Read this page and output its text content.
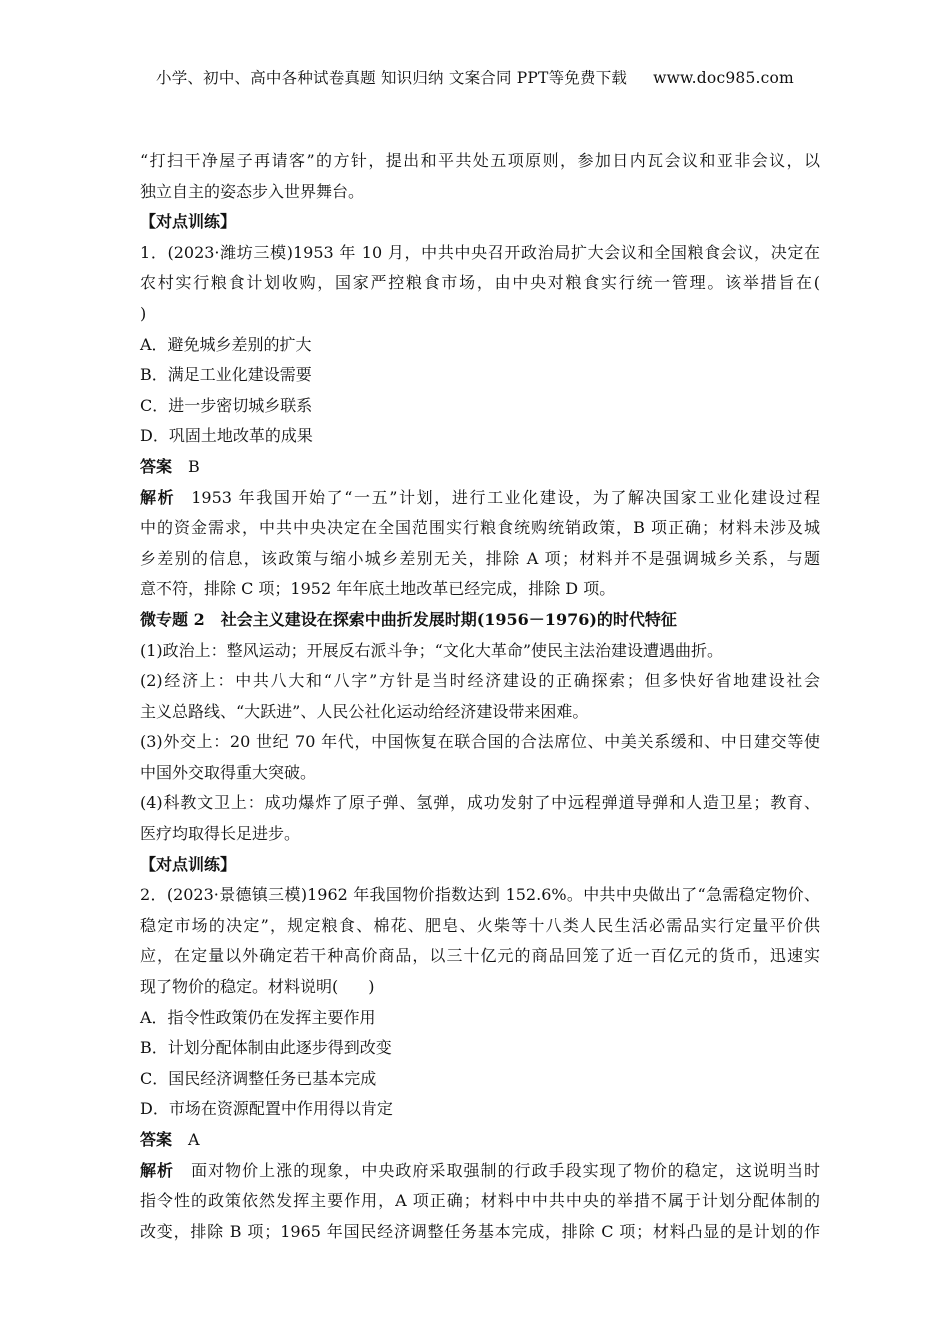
小学、初中、高中各种试卷真题 知识归纳 文案合同 PPT等免费下载 www.doc985.com
“打扫干净屋子再请客”的方针，提出和平共处五项原则，参加日内瓦会议和亚非会议，以
独立自主的姿态步入世界舞台。
【对点训练】
1．(2023·潍坊三模)1953 年 10 月，中共中央召开政治局扩大会议和全国粮食会议，决定在
农村实行粮食计划收购，国家严控粮食市场，由中央对粮食实行统一管理。该举措旨在(
)
A．避免城乡差别的扩大
B．满足工业化建设需要
C．进一步密切城乡联系
D．巩固土地改革的成果
答案 B
解析 1953 年我国开始了“一五”计划，进行工业化建设，为了解决国家工业化建设过程
中的资金需求，中共中央决定在全国范围实行粮食统购统销政策，B 项正确；材料未涉及城
乡差别的信息，该政策与缩小城乡差别无关，排除 A 项；材料并不是强调城乡关系，与题
意不符，排除 C 项；1952 年年底土地改革已经完成，排除 D 项。
微专题 2　社会主义建设在探索中曲折发展时期(1956－1976)的时代特征
(1)政治上：整风运动；开展反右派斗争；“文化大革命”使民主法治建设遭遇曲折。
(2)经济上：中共八大和“八字”方针是当时经济建设的正确探索；但多快好省地建设社会
主义总路线、“大跃进”、人民公社化运动给经济建设带来困难。
(3)外交上：20 世纪 70 年代，中国恢复在联合国的合法席位、中美关系缓和、中日建交等使
中国外交取得重大突破。
(4)科教文卫上：成功爆炸了原子弹、氢弹，成功发射了中远程弹道导弹和人造卫星；教育、
医疗均取得长足进步。
【对点训练】
2．(2023·景德镇三模)1962 年我国物价指数达到 152.6%。中共中央做出了“急需稳定物价、
稳定市场的决定”，规定粮食、棉花、肥皂、火柴等十八类人民生活必需品实行定量平价供
应，在定量以外确定若干种高价商品，以三十亿元的商品回笼了近一百亿元的货币，迅速实
现了物价的稳定。材料说明( )
A．指令性政策仍在发挥主要作用
B．计划分配体制由此逐步得到改变
C．国民经济调整任务已基本完成
D．市场在资源配置中作用得以肯定
答案 A
解析 面对物价上涨的现象，中央政府采取强制的行政手段实现了物价的稳定，这说明当时
指令性的政策依然发挥主要作用，A 项正确；材料中中共中央的举措不属于计划分配体制的
改变，排除 B 项；1965 年国民经济调整任务基本完成，排除 C 项；材料凸显的是计划的作
